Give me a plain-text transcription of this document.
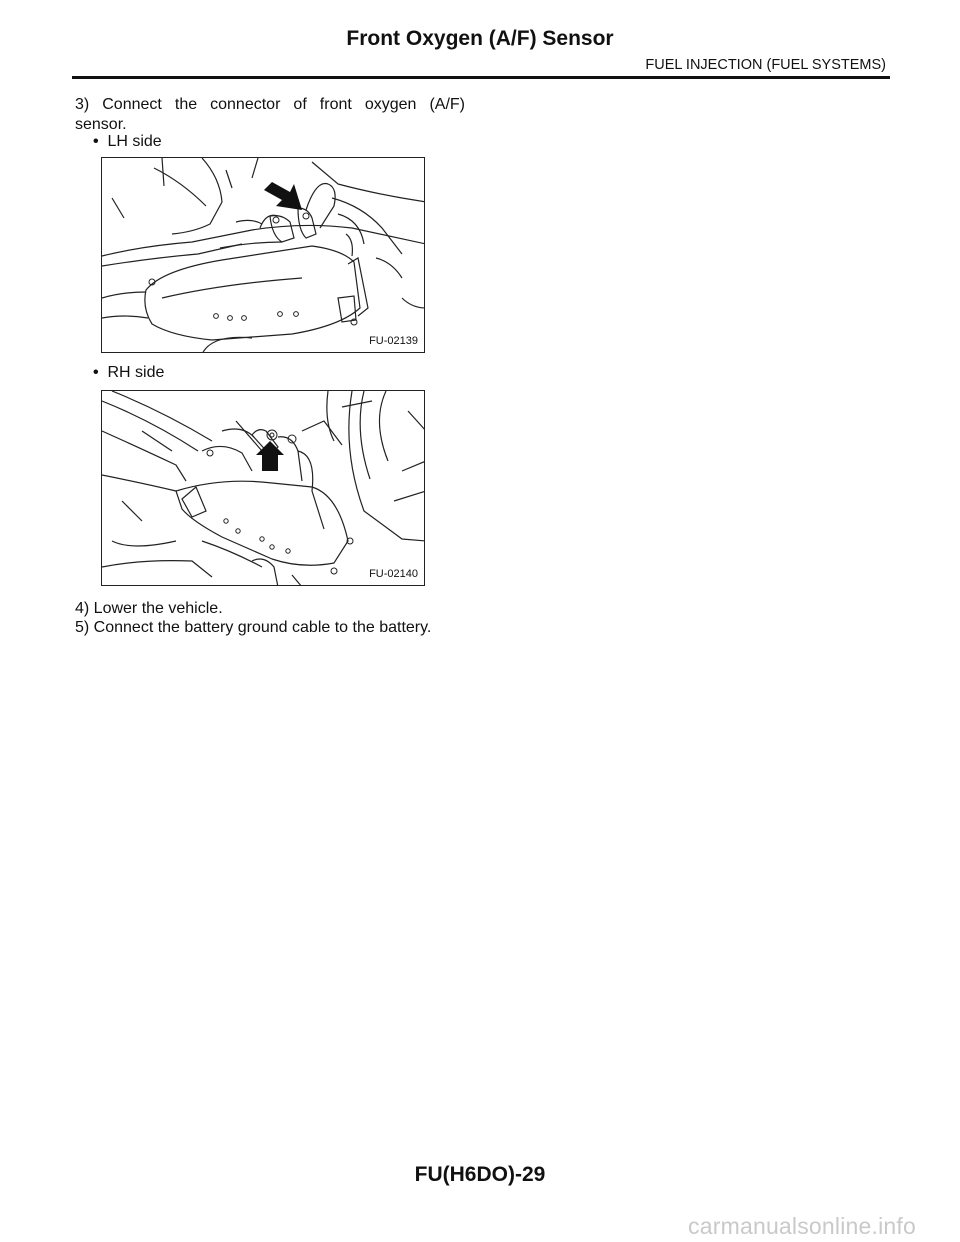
Front Oxygen (A/F) Sensor
FUEL INJECTION (FUEL SYSTEMS)
3) Connect the connector of front oxygen (A/F)
sensor.
• LH side
FU-02139
• RH side
FU-02140
4) Lower the vehicle.
5) Connect the battery ground cable to the battery.
FU(H6DO)-29
carmanualsonline.info
